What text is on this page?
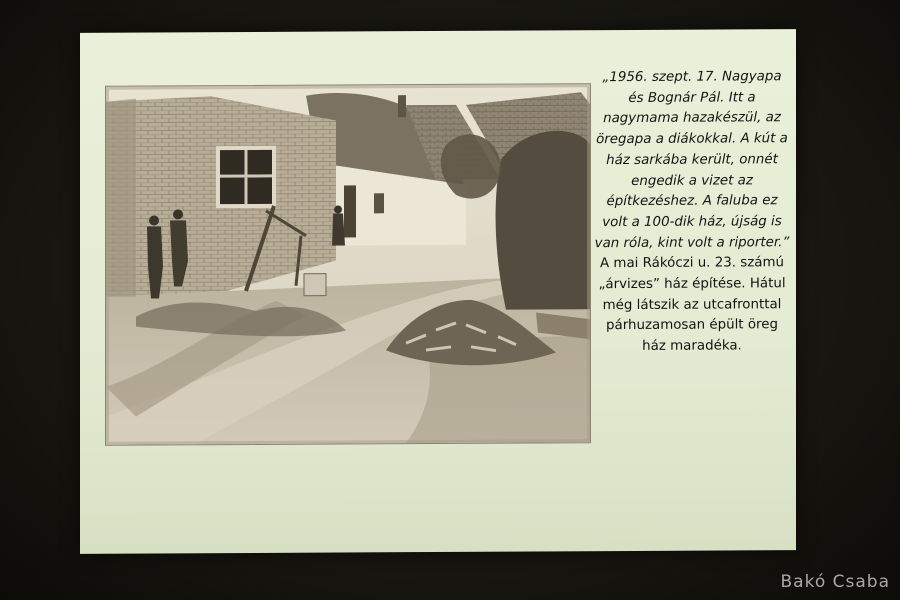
„1956. szept. 17. Nagyapa és Bognár Pál. Itt a nagymama hazakészül, az öregapa a diákokkal. A kút a ház sarkába került, onnét engedik a vizet az építkezéshez. A faluba ez volt a 100-dik ház, újság is van róla, kint volt a riporter.” A mai Rákóczi u. 23. számú „árvizes” ház építése. Hátul még látszik az utcafronttal párhuzamosan épült öreg ház maradéka.

Bakó Csaba
